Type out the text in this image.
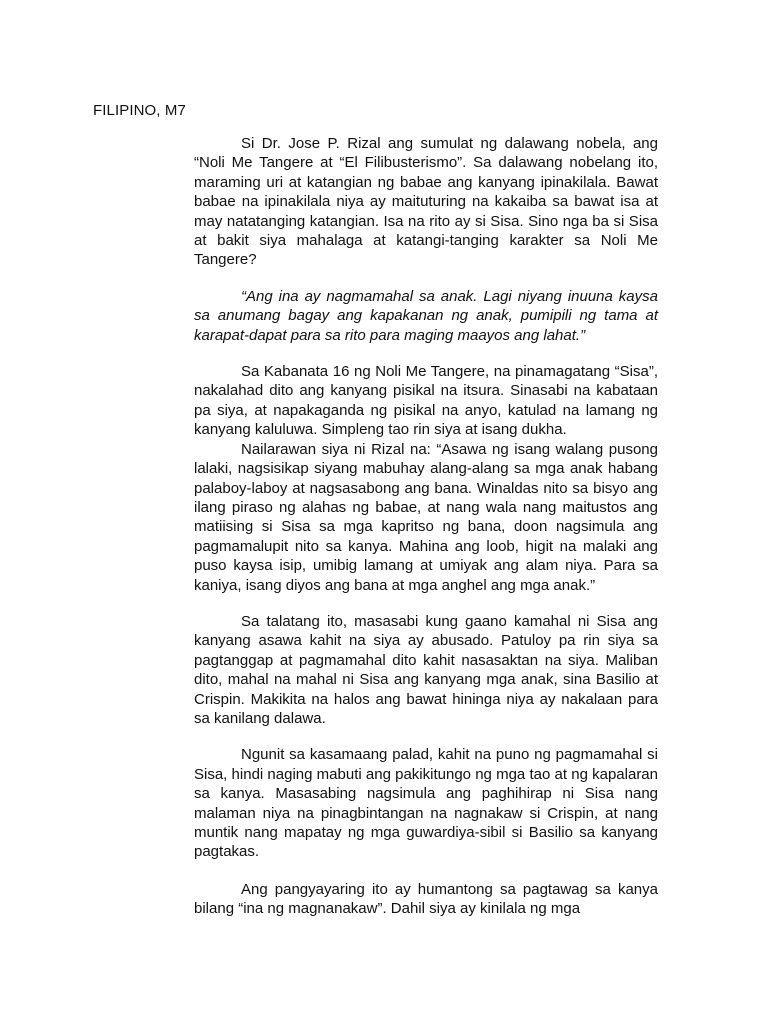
FILIPINO, M7

Si Dr. Jose P. Rizal ang sumulat ng dalawang nobela, ang “Noli Me Tangere at “El Filibusterismo”. Sa dalawang nobelang ito, maraming uri at katangian ng babae ang kanyang ipinakilala. Bawat babae na ipinakilala niya ay maituturing na kakaiba sa bawat isa at may natatanging katangian. Isa na rito ay si Sisa. Sino nga ba si Sisa at bakit siya mahalaga at katangi-tanging karakter sa Noli Me Tangere?

“Ang ina ay nagmamahal sa anak. Lagi niyang inuuna kaysa sa anumang bagay ang kapakanan ng anak, pumipili ng tama at karapat-dapat para sa rito para maging maayos ang lahat.”

Sa Kabanata 16 ng Noli Me Tangere, na pinamagatang “Sisa”, nakalahad dito ang kanyang pisikal na itsura. Sinasabi na kabataan pa siya, at napakaganda ng pisikal na anyo, katulad na lamang ng kanyang kaluluwa. Simpleng tao rin siya at isang dukha.

Nailarawan siya ni Rizal na: “Asawa ng isang walang pusong lalaki, nagsisikap siyang mabuhay alang-alang sa mga anak habang palaboy-laboy at nagsasabong ang bana. Winaldas nito sa bisyo ang ilang piraso ng alahas ng babae, at nang wala nang maitustos ang matiising si Sisa sa mga kapritso ng bana, doon nagsimula ang pagmamalupit nito sa kanya. Mahina ang loob, higit na malaki ang puso kaysa isip, umibig lamang at umiyak ang alam niya. Para sa kaniya, isang diyos ang bana at mga anghel ang mga anak.”

Sa talatang ito, masasabi kung gaano kamahal ni Sisa ang kanyang asawa kahit na siya ay abusado. Patuloy pa rin siya sa pagtanggap at pagmamahal dito kahit nasasaktan na siya. Maliban dito, mahal na mahal ni Sisa ang kanyang mga anak, sina Basilio at Crispin. Makikita na halos ang bawat hininga niya ay nakalaan para sa kanilang dalawa.

Ngunit sa kasamaang palad, kahit na puno ng pagmamahal si Sisa, hindi naging mabuti ang pakikitungo ng mga tao at ng kapalaran sa kanya. Masasabing nagsimula ang paghihirap ni Sisa nang malaman niya na pinagbintangan na nagnakaw si Crispin, at nang muntik nang mapatay ng mga guwardiya-sibil si Basilio sa kanyang pagtakas.

Ang pangyayaring ito ay humantong sa pagtawag sa kanya bilang “ina ng magnanakaw”. Dahil siya ay kinilala ng mga
